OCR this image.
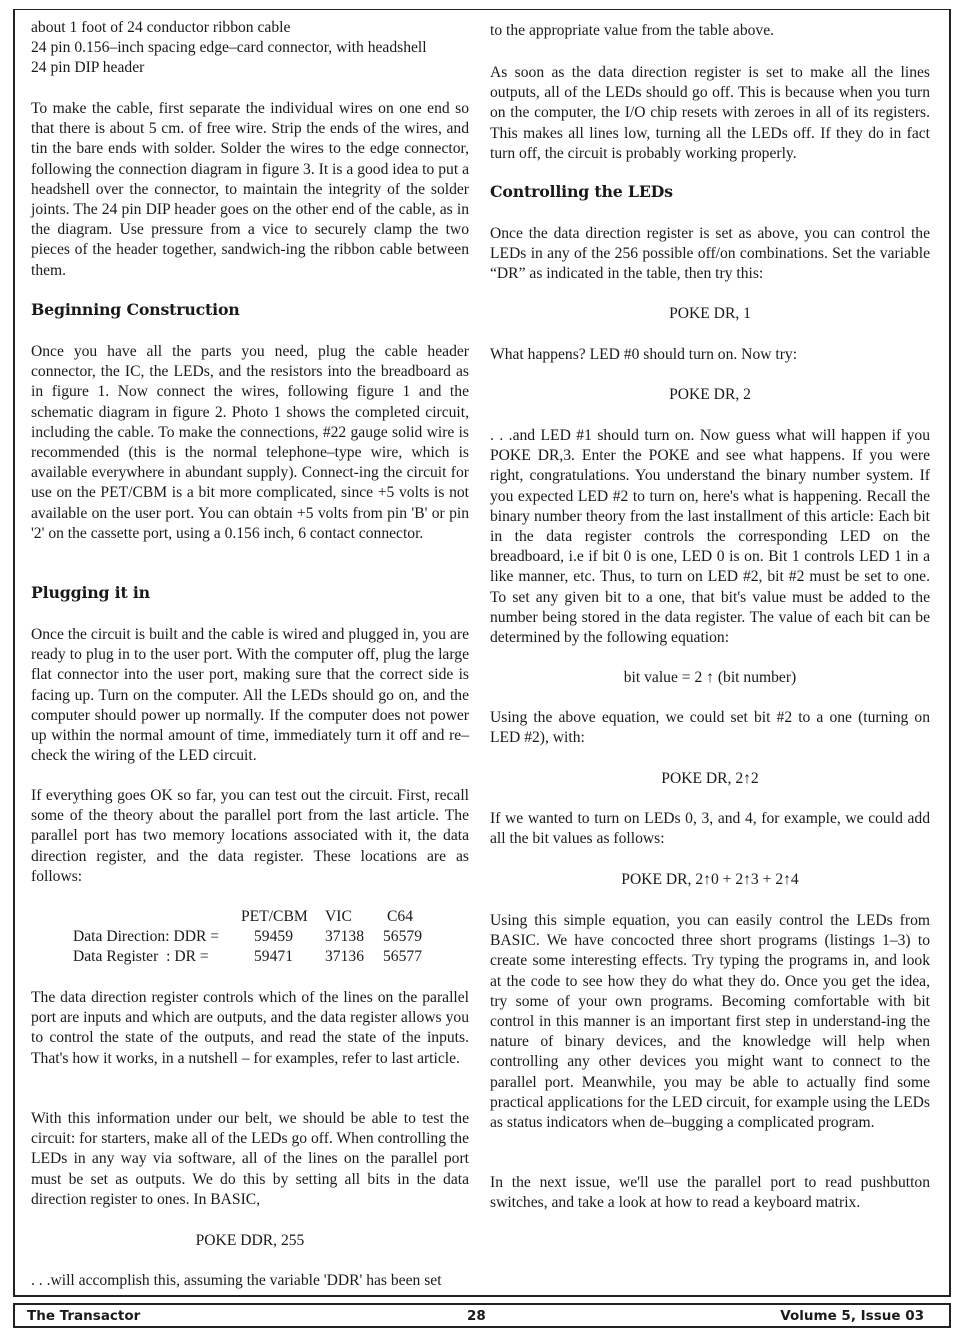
about 1 foot of 24 conductor ribbon cable

24 pin 0.156–inch spacing edge–card connector, with headshell

24 pin DIP header

To make the cable, first separate the individual wires on one end so that there is about 5 cm. of free wire. Strip the ends of the wires, and tin the bare ends with solder. Solder the wires to the edge connector, following the connection diagram in figure 3. It is a good idea to put a headshell over the connector, to maintain the integrity of the solder joints. The 24 pin DIP header goes on the other end of the cable, as in the diagram. Use pressure from a vice to securely clamp the two pieces of the header together, sandwich-ing the ribbon cable between them.

Beginning Construction

Once you have all the parts you need, plug the cable header connector, the IC, the LEDs, and the resistors into the breadboard as in figure 1. Now connect the wires, following figure 1 and the schematic diagram in figure 2. Photo 1 shows the completed circuit, including the cable. To make the connections, #22 gauge solid wire is recommended (this is the normal telephone–type wire, which is available everywhere in abundant supply). Connect-ing the circuit for use on the PET/CBM is a bit more complicated, since +5 volts is not available on the user port. You can obtain +5 volts from pin 'B' or pin '2' on the cassette port, using a 0.156 inch, 6 contact connector.

Plugging it in

Once the circuit is built and the cable is wired and plugged in, you are ready to plug in to the user port. With the computer off, plug the large flat connector into the user port, making sure that the correct side is facing up. Turn on the computer. All the LEDs should go on, and the computer should power up normally. If the computer does not power up within the normal amount of time, immediately turn it off and re–check the wiring of the LED circuit.

If everything goes OK so far, you can test out the circuit. First, recall some of the theory about the parallel port from the last article. The parallel port has two memory locations associated with it, the data direction register, and the data register. These locations are as follows:

	PET/CBM	VIC	C64
Data Direction: DDR =	59459	37138	56579
Data Register  : DR =	59471	37136	56577

The data direction register controls which of the lines on the parallel port are inputs and which are outputs, and the data register allows you to control the state of the outputs, and read the state of the inputs. That's how it works, in a nutshell – for examples, refer to last article.

With this information under our belt, we should be able to test the circuit: for starters, make all of the LEDs go off. When controlling the LEDs in any way via software, all of the lines on the parallel port must be set as outputs. We do this by setting all bits in the data direction register to ones. In BASIC,

POKE DDR, 255

. . .will accomplish this, assuming the variable 'DDR' has been set

to the appropriate value from the table above.

As soon as the data direction register is set to make all the lines outputs, all of the LEDs should go off. This is because when you turn on the computer, the I/O chip resets with zeroes in all of its registers. This makes all lines low, turning all the LEDs off. If they do in fact turn off, the circuit is probably working properly.

Controlling the LEDs

Once the data direction register is set as above, you can control the LEDs in any of the 256 possible off/on combinations. Set the variable “DR” as indicated in the table, then try this:

POKE DR, 1

What happens? LED #0 should turn on. Now try:

POKE DR, 2

. . .and LED #1 should turn on. Now guess what will happen if you POKE DR,3. Enter the POKE and see what happens. If you were right, congratulations. You understand the binary number system. If you expected LED #2 to turn on, here's what is happening. Recall the binary number theory from the last installment of this article: Each bit in the data register controls the corresponding LED on the breadboard, i.e if bit 0 is one, LED 0 is on. Bit 1 controls LED 1 in a like manner, etc. Thus, to turn on LED #2, bit #2 must be set to one. To set any given bit to a one, that bit's value must be added to the number being stored in the data register. The value of each bit can be determined by the following equation:

bit value = 2 ↑ (bit number)

Using the above equation, we could set bit #2 to a one (turning on LED #2), with:

POKE DR, 2↑2

If we wanted to turn on LEDs 0, 3, and 4, for example, we could add all the bit values as follows:

POKE DR, 2↑0 + 2↑3 + 2↑4

Using this simple equation, you can easily control the LEDs from BASIC. We have concocted three short programs (listings 1–3) to create some interesting effects. Try typing the programs in, and look at the code to see how they do what they do. Once you get the idea, try some of your own programs. Becoming comfortable with bit control in this manner is an important first step in understand-ing the nature of binary devices, and the knowledge will help when controlling any other devices you might want to connect to the parallel port. Meanwhile, you may be able to actually find some practical applications for the LED circuit, for example using the LEDs as status indicators when de–bugging a complicated program.

In the next issue, we'll use the parallel port to read pushbutton switches, and take a look at how to read a keyboard matrix.

The Transactor	28	Volume 5, Issue 03
